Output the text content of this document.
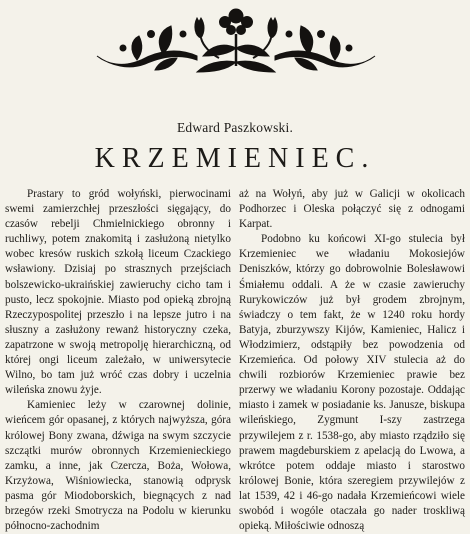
Edward Paszkowski.
KRZEMIENIEC.

Prastary to gród wołyński, pierwocinami swemi zamierzchłej przeszłości sięgający, do czasów rebelji Chmielnickiego obronny i ruchliwy, potem znakomitą i zasłużoną nietylko wobec kresów ruskich szkołą liceum Czackiego wsławiony. Dzisiaj po strasznych przejściach bolszewicko-ukraińskiej zawieruchy cicho tam i pusto, lecz spokojnie. Miasto pod opieką zbrojną Rzeczypospolitej przeszło i na lepsze jutro i na słuszny a zasłużony rewanż historyczny czeka, zapatrzone w swoją metropolję hierarchiczną, od której ongi liceum zależało, w uniwersytecie Wilno, bo tam już wróć czas dobry i uczelnia wileńska znowu żyje.

Kamieniec leży w czarownej dolinie, wieńcem gór opasanej, z których najwyższa, góra królowej Bony zwana, dźwiga na swym szczycie szczątki murów obronnych Krzemienieckiego zamku, a inne, jak Czercza, Boża, Wołowa, Krzyżowa, Wiśniowiecka, stanowią odprysk pasma gór Miodoborskich, biegnących z nad brzegów rzeki Smotrycza na Podolu w kierunku północno-zachodnim

aż na Wołyń, aby już w Galicji w okolicach Podhorzec i Oleska połączyć się z odnogami Karpat.

Podobno ku końcowi XI-go stulecia był Krzemieniec we władaniu Mokosiejów Deniszków, którzy go dobrowolnie Bolesławowi Śmiałemu oddali. A że w czasie zawieruchy Rurykowiczów już był grodem zbrojnym, świadczy o tem fakt, że w 1240 roku hordy Batyja, zburzywszy Kijów, Kamieniec, Halicz i Włodzimierz, odstąpiły bez powodzenia od Krzemieńca. Od połowy XIV stulecia aż do chwili rozbiorów Krzemieniec prawie bez przerwy we władaniu Korony pozostaje. Oddając miasto i zamek w posiadanie ks. Janusze, biskupa wileńskiego, Zygmunt I-szy zastrzega przywilejem z r. 1538-go, aby miasto rządziło się prawem magdeburskiem z apelacją do Lwowa, a wkrótce potem oddaje miasto i starostwo królowej Bonie, która szeregiem przywilejów z lat 1539, 42 i 46-go nadała Krzemieńcowi wiele swobód i wogóle otaczała go nader troskliwą opieką. Miłościwie odnoszą
